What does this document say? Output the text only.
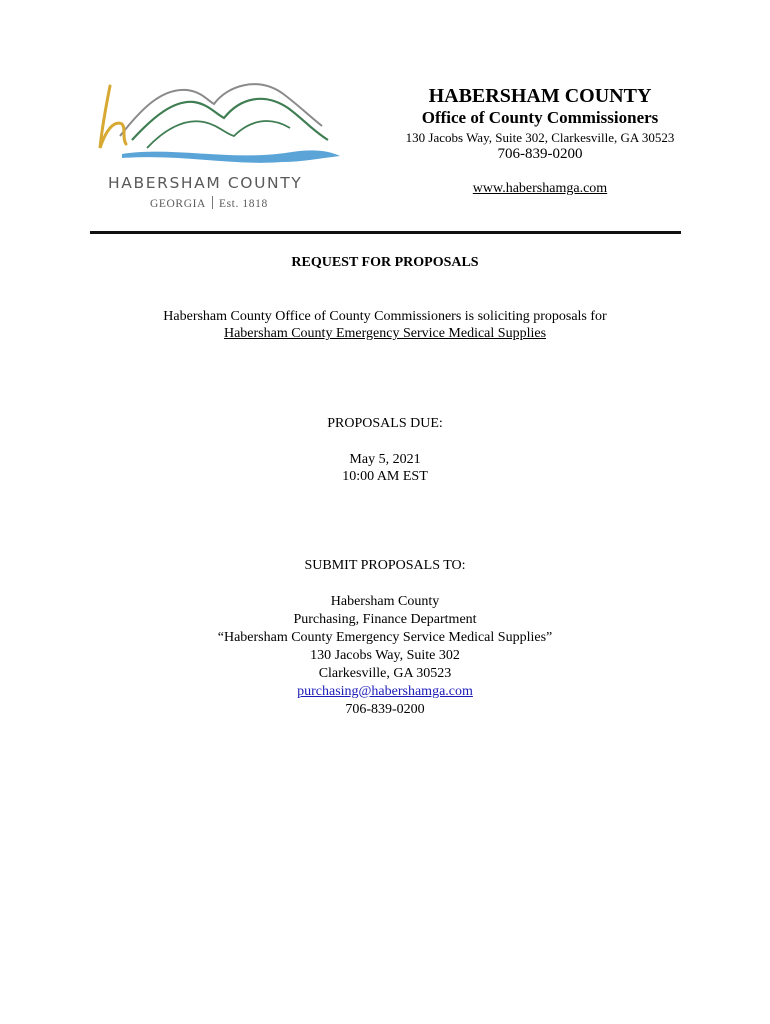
HABERSHAM COUNTY
GEORGIA Est. 1818
HABERSHAM COUNTY
Office of County Commissioners
130 Jacobs Way, Suite 302, Clarkesville, GA 30523
706-839-0200
www.habershamga.com
REQUEST FOR PROPOSALS
Habersham County Office of County Commissioners is soliciting proposals for
Habersham County Emergency Service Medical Supplies
PROPOSALS DUE:
May 5, 2021
10:00 AM EST
SUBMIT PROPOSALS TO:
Habersham County
Purchasing, Finance Department
“Habersham County Emergency Service Medical Supplies”
130 Jacobs Way, Suite 302
Clarkesville, GA 30523
purchasing@habershamga.com
706-839-0200
